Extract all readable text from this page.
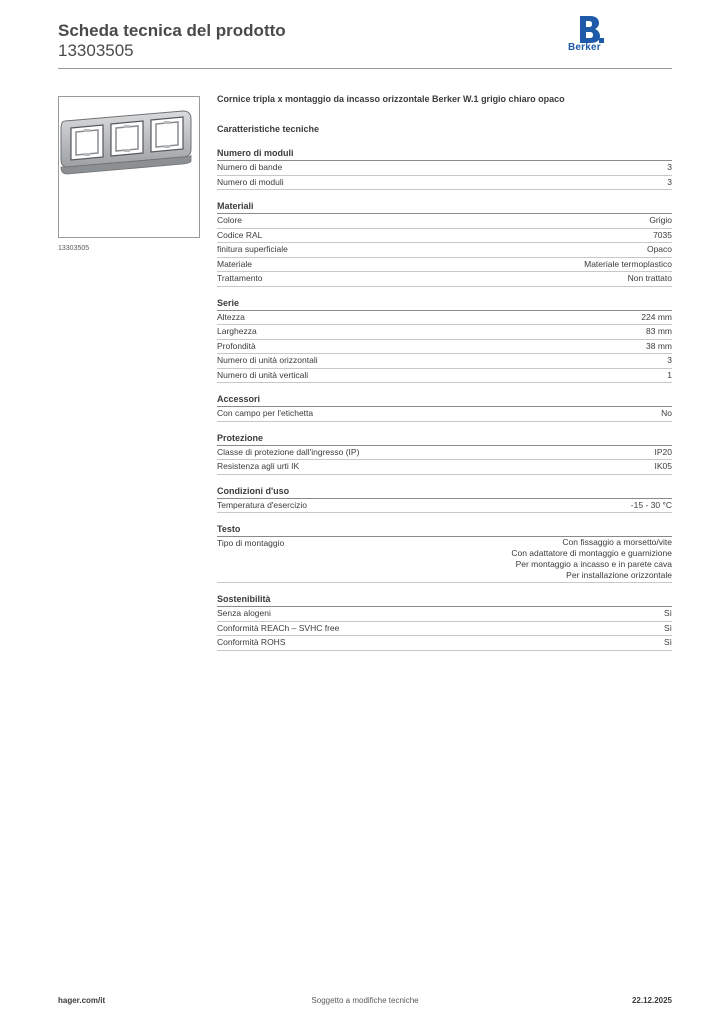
Scheda tecnica del prodotto
13303505	Berker
13303505
Cornice tripla x montaggio da incasso orizzontale Berker W.1 grigio chiaro opaco
Caratteristiche tecniche
Numero di moduli
Numero di bande	3
Numero di moduli	3
Materiali
Colore	Grigio
Codice RAL	7035
finitura superficiale	Opaco
Materiale	Materiale termoplastico
Trattamento	Non trattato
Serie
Altezza	224 mm
Larghezza	83 mm
Profondità	38 mm
Numero di unità orizzontali	3
Numero di unità verticali	1
Accessori
Con campo per l'etichetta	No
Protezione
Classe di protezione dall'ingresso (IP)	IP20
Resistenza agli urti IK	IK05
Condizioni d'uso
Temperatura d'esercizio	-15 - 30 °C
Testo
Tipo di montaggio	Con fissaggio a morsetto/vite
Con adattatore di montaggio e guarnizione
Per montaggio a incasso e in parete cava
Per installazione orizzontale
Sostenibilità
Senza alogeni	Sì
Conformità REACh – SVHC free	Sì
Conformità ROHS	Sì
Soggetto a modifiche tecniche
hager.com/it	22.12.2025
